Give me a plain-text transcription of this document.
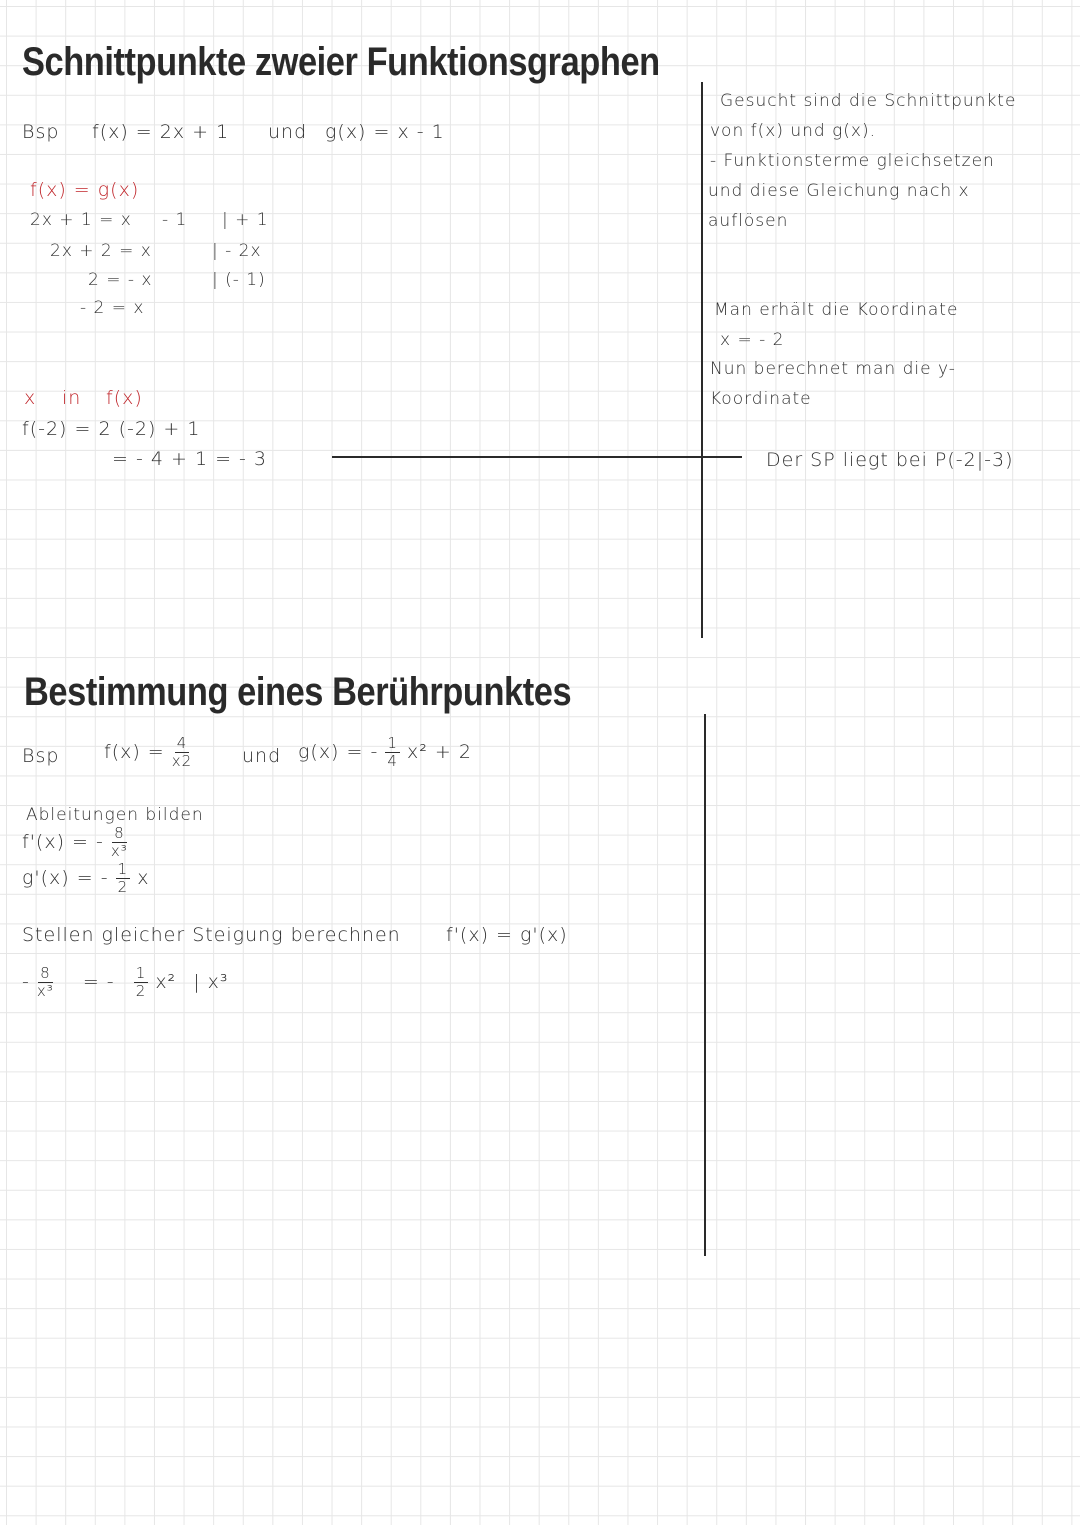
Schnittpunkte zweier Funktionsgraphen
Bsp f(x) = 2x + 1 und g(x) = x - 1
f(x) = g(x)
2x + 1 = x - 1 | + 1
2x + 2 = x	| - 2x
2 = - x	| (- 1)
- 2 = x
x in f(x)
f(-2) = 2 (-2) + 1
= - 4 + 1 = - 3
Gesucht sind die Schnittpunkte
von f(x) und g(x).
- Funktionsterme gleichsetzen
und diese Gleichung nach x
auflösen
Man erhält die Koordinate
x = - 2
Nun berechnet man die y-
Koordinate
Der SP liegt bei P(-2|-3)
Bestimmung eines Berührpunktes
Bsp $f(x) = \frac{4}{x2}$	und g(x) = - $\frac{1}{4} x^2 + 2$
Ableitungen bilden
f'(x) = - $\frac{8}{\text{x³}}$
g'(x) = - $\frac{1}{2}$ x
Stellen gleicher Steigung berechnen f'(x) = g'(x)
- $\frac{8}{\text{x³}}$ = - $\frac{1}{2} x^2$ | x³
